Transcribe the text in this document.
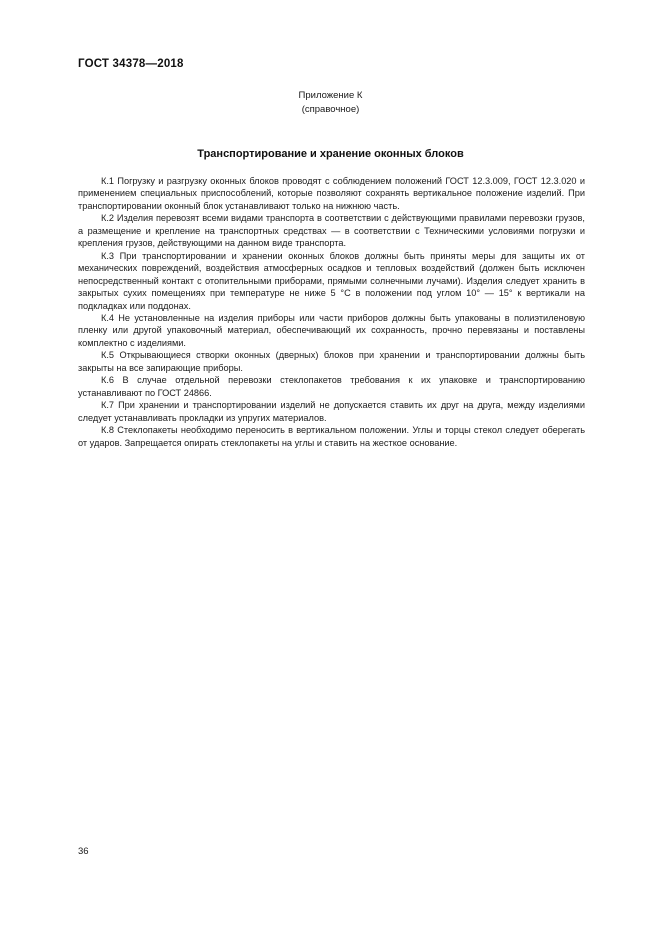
ГОСТ 34378—2018
Приложение К
(справочное)
Транспортирование и хранение оконных блоков

К.1 Погрузку и разгрузку оконных блоков проводят с соблюдением положений ГОСТ 12.3.009, ГОСТ 12.3.020 и применением специальных приспособлений, которые позволяют сохранять вертикальное положение изделий. При транспортировании оконный блок устанавливают только на нижнюю часть.

К.2 Изделия перевозят всеми видами транспорта в соответствии с действующими правилами перевозки грузов, а размещение и крепление на транспортных средствах — в соответствии с Техническими условиями погрузки и крепления грузов, действующими на данном виде транспорта.

К.3 При транспортировании и хранении оконных блоков должны быть приняты меры для защиты их от механических повреждений, воздействия атмосферных осадков и тепловых воздействий (должен быть исключен непосредственный контакт с отопительными приборами, прямыми солнечными лучами). Изделия следует хранить в закрытых сухих помещениях при температуре не ниже 5 °С в положении под углом 10° — 15° к вертикали на подкладках или поддонах.

К.4 Не установленные на изделия приборы или части приборов должны быть упакованы в полиэтиленовую пленку или другой упаковочный материал, обеспечивающий их сохранность, прочно перевязаны и поставлены комплектно с изделиями.

К.5 Открывающиеся створки оконных (дверных) блоков при хранении и транспортировании должны быть закрыты на все запирающие приборы.

К.6 В случае отдельной перевозки стеклопакетов требования к их упаковке и транспортированию устанавливают по ГОСТ 24866.

К.7 При хранении и транспортировании изделий не допускается ставить их друг на друга, между изделиями следует устанавливать прокладки из упругих материалов.

К.8 Стеклопакеты необходимо переносить в вертикальном положении. Углы и торцы стекол следует оберегать от ударов. Запрещается опирать стеклопакеты на углы и ставить на жесткое основание.

36
